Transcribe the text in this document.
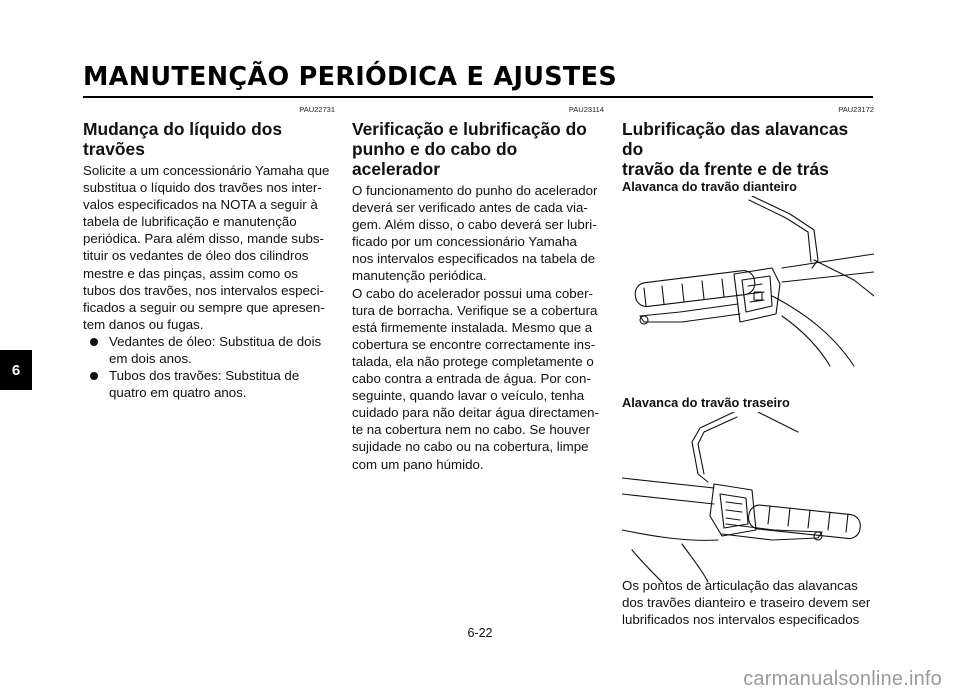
MANUTENÇÃO PERIÓDICA E AJUSTES
6
PAU22731
Mudança do líquido dos
travões
Solicite a um concessionário Yamaha que
substitua o líquido dos travões nos inter-
valos especificados na NOTA a seguir à
tabela de lubrificação e manutenção
periódica. Para além disso, mande subs-
tituir os vedantes de óleo dos cilindros
mestre e das pinças, assim como os
tubos dos travões, nos intervalos especi-
ficados a seguir ou sempre que apresen-
tem danos ou fugas.
Vedantes de óleo: Substitua de dois
em dois anos.
Tubos dos travões: Substitua de
quatro em quatro anos.
PAU23114
Verificação e lubrificação do
punho e do cabo do acelerador
O funcionamento do punho do acelerador
deverá ser verificado antes de cada via-
gem. Além disso, o cabo deverá ser lubri-
ficado por um concessionário Yamaha
nos intervalos especificados na tabela de
manutenção periódica.
O cabo do acelerador possui uma cober-
tura de borracha. Verifique se a cobertura
está firmemente instalada. Mesmo que a
cobertura se encontre correctamente ins-
talada, ela não protege completamente o
cabo contra a entrada de água. Por con-
seguinte, quando lavar o veículo, tenha
cuidado para não deitar água directamen-
te na cobertura nem no cabo. Se houver
sujidade no cabo ou na cobertura, limpe
com um pano húmido.
PAU23172
Lubrificação das alavancas do
travão da frente e de trás
Alavanca do travão dianteiro
Alavanca do travão traseiro
Os pontos de articulação das alavancas
dos travões dianteiro e traseiro devem ser
lubrificados nos intervalos especificados
6-22
carmanualsonline.info
